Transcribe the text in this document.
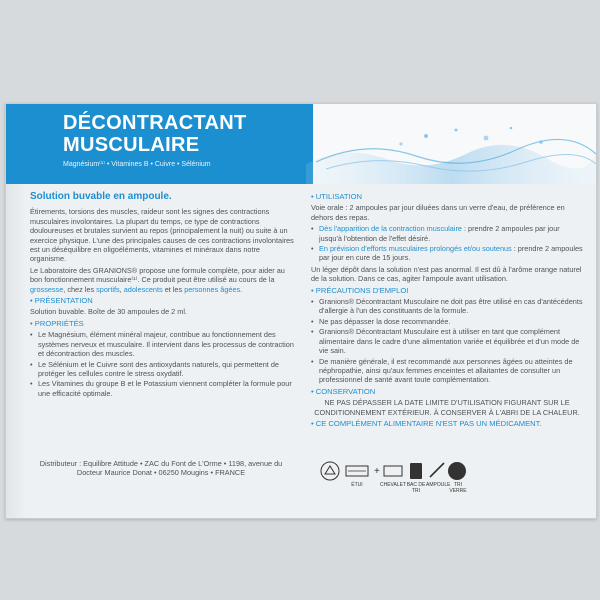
DÉCONTRACTANT
MUSCULAIRE
Magnésium⁽¹⁾ • Vitamines B • Cuivre • Sélénium

Solution buvable en ampoule.

Étirements, torsions des muscles, raideur sont les signes des contractions musculaires involontaires. La plupart du temps, ce type de contractions douloureuses et brutales survient au repos (principalement la nuit) ou suite à un exercice physique. L'une des principales causes de ces contractions involontaires est un déséquilibre en oligoéléments, vitamines et minéraux dans notre organisme.

Le Laboratoire des GRANIONS® propose une formule complète, pour aider au bon fonctionnement musculaire⁽¹⁾. Ce produit peut être utilisé au cours de la grossesse, chez les sportifs, adolescents et les personnes âgées.

• PRÉSENTATION

Solution buvable. Boîte de 30 ampoules de 2 ml.

• PROPRIÉTÉS

• Le Magnésium, élément minéral majeur, contribue au fonctionnement des systèmes nerveux et musculaire. Il intervient dans les processus de contraction et décontraction des muscles.
• Le Sélénium et le Cuivre sont des antioxydants naturels, qui permettent de protéger les cellules contre le stress oxydatif.
• Les Vitamines du groupe B et le Potassium viennent compléter la formule pour une efficacité optimale.
Distributeur : Equilibre Attitude • ZAC du Font de L'Orme • 1198, avenue du Docteur Maurice Donat • 06250 Mougins • FRANCE

• UTILISATION

Voie orale : 2 ampoules par jour diluées dans un verre d'eau, de préférence en dehors des repas.

• Dès l'apparition de la contraction musculaire : prendre 2 ampoules par jour jusqu'à l'obtention de l'effet désiré.
• En prévision d'efforts musculaires prolongés et/ou soutenus : prendre 2 ampoules par jour en cure de 15 jours.

Un léger dépôt dans la solution n'est pas anormal. Il est dû à l'arôme orange naturel de la solution. Dans ce cas, agiter l'ampoule avant utilisation.

• PRÉCAUTIONS D'EMPLOI

• Granions® Décontractant Musculaire ne doit pas être utilisé en cas d'antécédents d'allergie à l'un des constituants de la formule.
• Ne pas dépasser la dose recommandée.
• Granions® Décontractant Musculaire est à utiliser en tant que complément alimentaire dans le cadre d'une alimentation variée et équilibrée et d'un mode de vie sain.
• De manière générale, il est recommandé aux personnes âgées ou atteintes de néphropathie, ainsi qu'aux femmes enceintes et allaitantes de consulter un professionnel de santé avant toute complémentation.

• CONSERVATION

NE PAS DÉPASSER LA DATE LIMITE D'UTILISATION FIGURANT SUR LE CONDITIONNEMENT EXTÉRIEUR. À CONSERVER À L'ABRI DE LA CHALEUR.

• CE COMPLÉMENT ALIMENTAIRE N'EST PAS UN MÉDICAMENT.

+
ÉTUI	CHEVALET BAC DE TRI
AMPOULE TRI VERRE
